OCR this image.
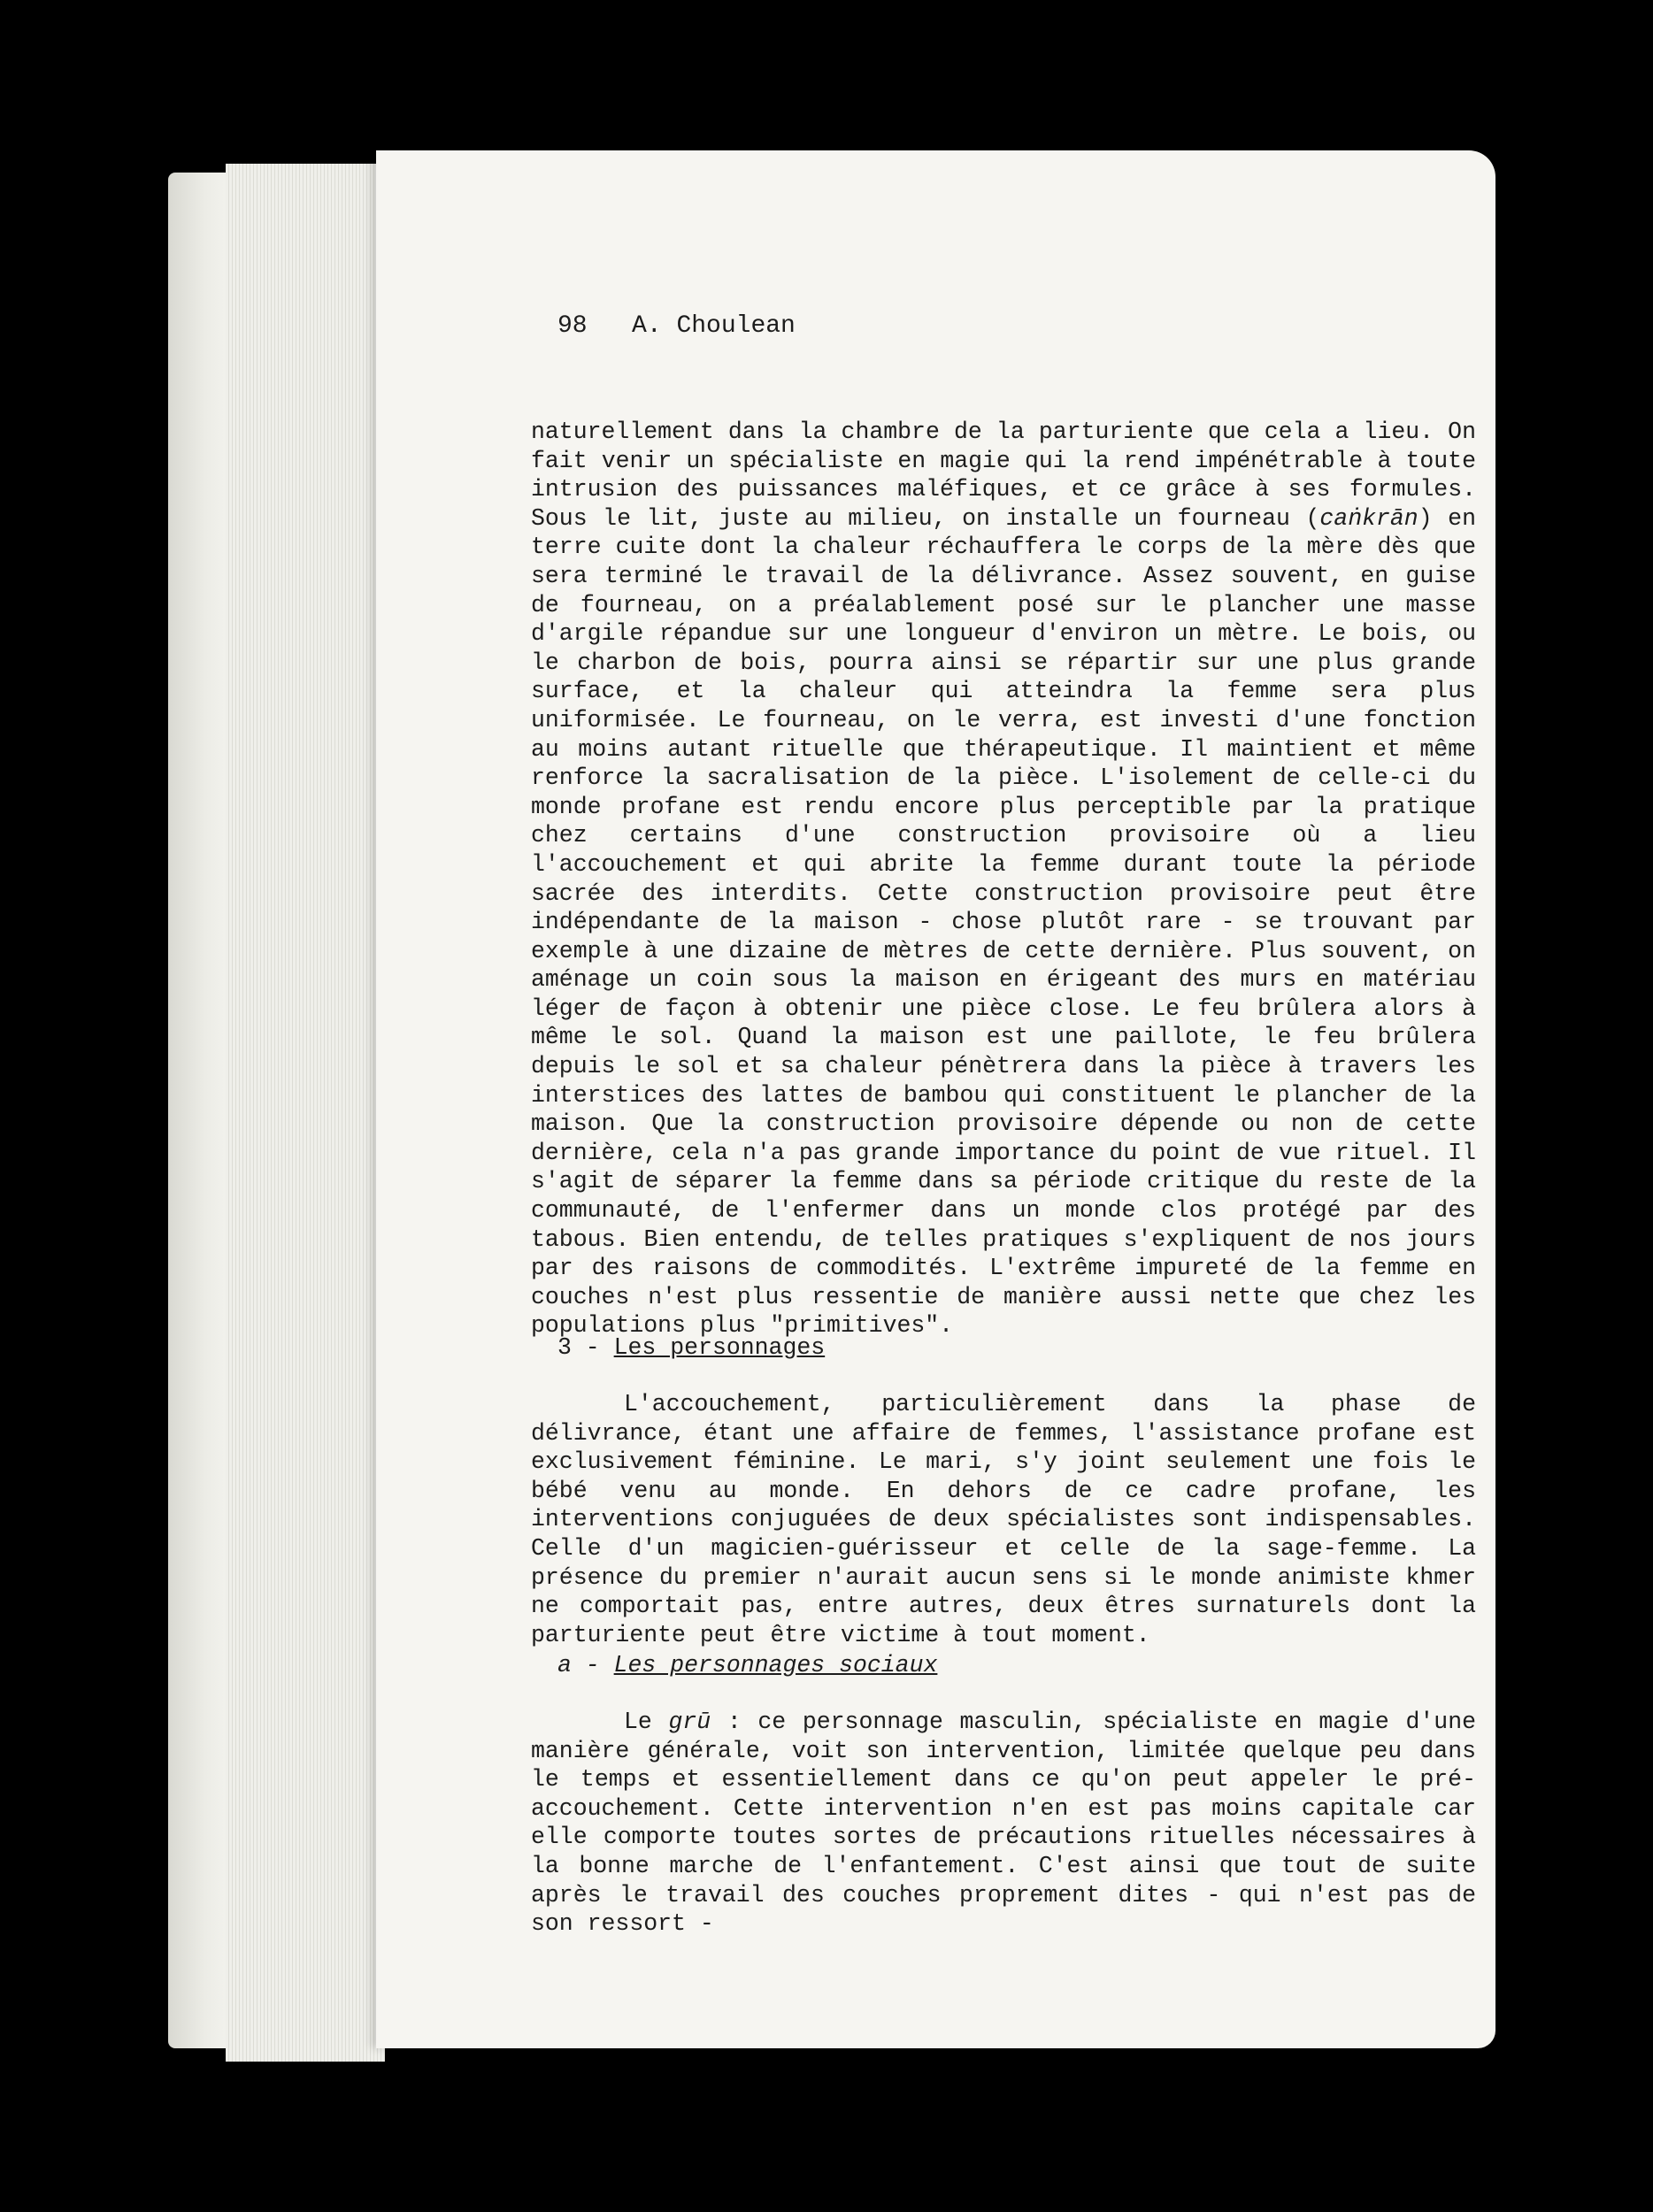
98 A. Choulean

naturellement dans la chambre de la parturiente que cela a lieu. On fait venir un spécialiste en magie qui la rend impénétrable à toute intrusion des puissances maléfiques, et ce grâce à ses formules. Sous le lit, juste au milieu, on installe un fourneau (caṅkrān) en terre cuite dont la chaleur réchauffera le corps de la mère dès que sera terminé le travail de la délivrance. Assez souvent, en guise de fourneau, on a préalablement posé sur le plancher une masse d'argile répandue sur une longueur d'environ un mètre. Le bois, ou le charbon de bois, pourra ainsi se répartir sur une plus grande surface, et la chaleur qui atteindra la femme sera plus uniformisée. Le fourneau, on le verra, est investi d'une fonction au moins autant rituelle que thérapeutique. Il maintient et même renforce la sacralisation de la pièce. L'isolement de celle-ci du monde profane est rendu encore plus perceptible par la pratique chez certains d'une construction provisoire où a lieu l'accouchement et qui abrite la femme durant toute la période sacrée des interdits. Cette construction provisoire peut être indépendante de la maison - chose plutôt rare - se trouvant par exemple à une dizaine de mètres de cette dernière. Plus souvent, on aménage un coin sous la maison en érigeant des murs en matériau léger de façon à obtenir une pièce close. Le feu brûlera alors à même le sol. Quand la maison est une paillote, le feu brûlera depuis le sol et sa chaleur pénètrera dans la pièce à travers les interstices des lattes de bambou qui constituent le plancher de la maison. Que la construction provisoire dépende ou non de cette dernière, cela n'a pas grande importance du point de vue rituel. Il s'agit de séparer la femme dans sa période critique du reste de la communauté, de l'enfermer dans un monde clos protégé par des tabous. Bien entendu, de telles pratiques s'expliquent de nos jours par des raisons de commodités. L'extrême impureté de la femme en couches n'est plus ressentie de manière aussi nette que chez les populations plus "primitives".

3 - Les personnages

L'accouchement, particulièrement dans la phase de délivrance, étant une affaire de femmes, l'assistance profane est exclusivement féminine. Le mari, s'y joint seulement une fois le bébé venu au monde. En dehors de ce cadre profane, les interventions conjuguées de deux spécialistes sont indispensables. Celle d'un magicien-guérisseur et celle de la sage-femme. La présence du premier n'aurait aucun sens si le monde animiste khmer ne comportait pas, entre autres, deux êtres surnaturels dont la parturiente peut être victime à tout moment.

a - Les personnages sociaux

Le grū : ce personnage masculin, spécialiste en magie d'une manière générale, voit son intervention, limitée quelque peu dans le temps et essentiellement dans ce qu'on peut appeler le pré-accouchement. Cette intervention n'en est pas moins capitale car elle comporte toutes sortes de précautions rituelles nécessaires à la bonne marche de l'enfantement. C'est ainsi que tout de suite après le travail des couches proprement dites - qui n'est pas de son ressort -
